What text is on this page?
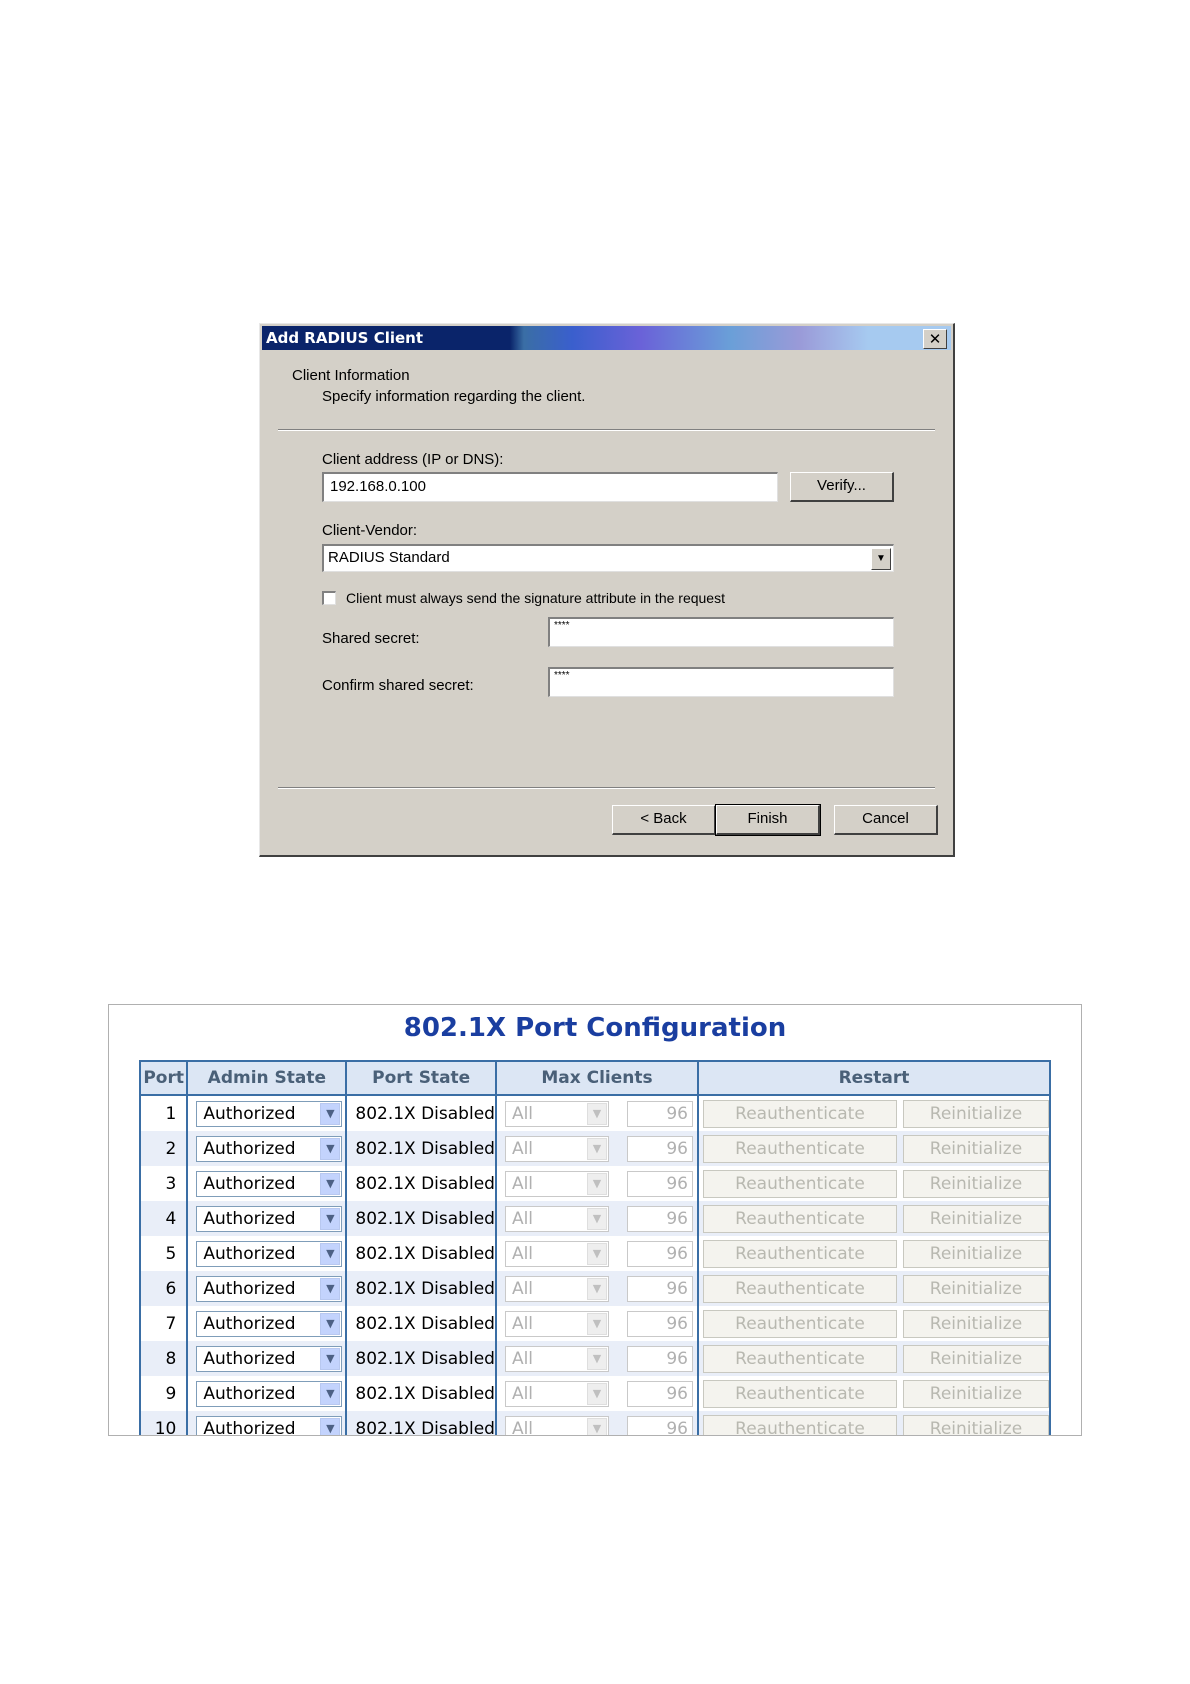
Add RADIUS Client	✕
Client Information
Specify information regarding the client.
Client address (IP or DNS):
192.168.0.100	Verify...
Client-Vendor:
RADIUS Standard	▼
Client must always send the signature attribute in the request
Shared secret:
****
Confirm shared secret:
****
< Back	Finish	Cancel
802.1X Port Configuration
Port	Admin State	Port State	Max Clients	Restart
1	Authorized ▼	802.1X Disabled	All ▼ 96	Reauthenticate Reinitialize
2	Authorized ▼	802.1X Disabled	All ▼ 96	Reauthenticate Reinitialize
3	Authorized ▼	802.1X Disabled	All ▼ 96	Reauthenticate Reinitialize
4	Authorized ▼	802.1X Disabled	All ▼ 96	Reauthenticate Reinitialize
5	Authorized ▼	802.1X Disabled	All ▼ 96	Reauthenticate Reinitialize
6	Authorized ▼	802.1X Disabled	All ▼ 96	Reauthenticate Reinitialize
7	Authorized ▼	802.1X Disabled	All ▼ 96	Reauthenticate Reinitialize
8	Authorized ▼	802.1X Disabled	All ▼ 96	Reauthenticate Reinitialize
9	Authorized ▼	802.1X Disabled	All ▼ 96	Reauthenticate Reinitialize
10	Authorized ▼	802.1X Disabled	All ▼ 96	Reauthenticate Reinitialize
